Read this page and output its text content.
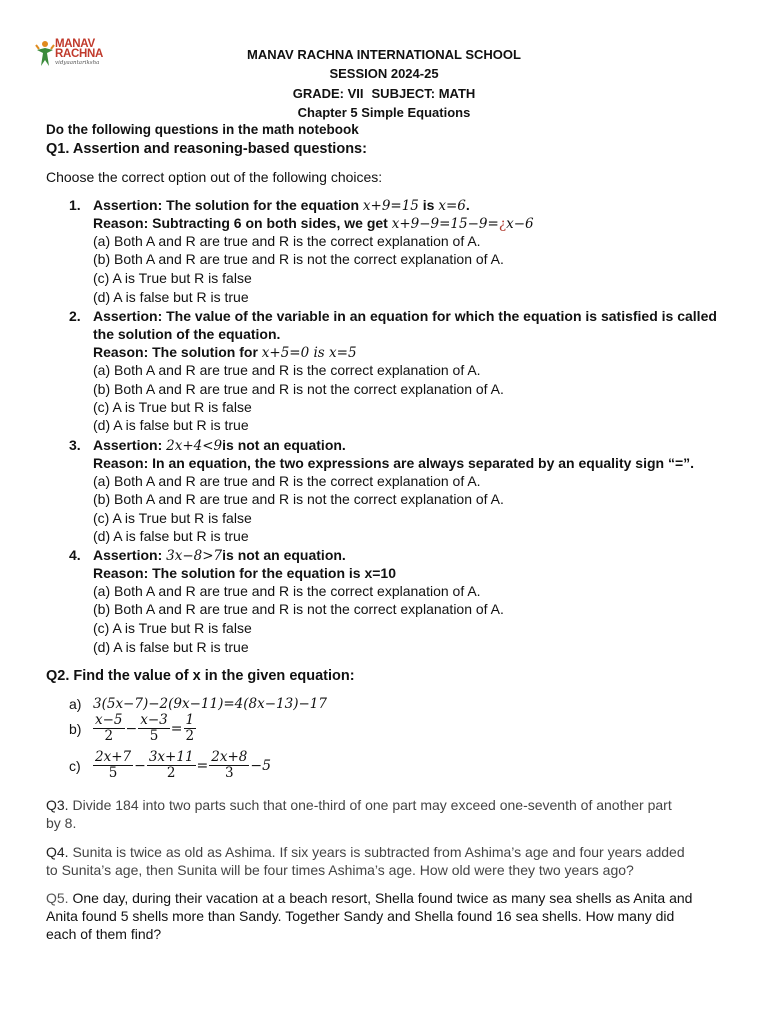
MANAV
RACHNA
vidyaantariksha
MANAV RACHNA INTERNATIONAL SCHOOL
SESSION 2024-25
GRADE: VII SUBJECT: MATH
Chapter 5 Simple Equations
Do the following questions in the math notebook
Q1. Assertion and reasoning-based questions:
Choose the correct option out of the following choices:
1. Assertion: The solution for the equation x+9=15 is x=6.
Reason: Subtracting 6 on both sides, we get x+9−9=15−9=¿x−6
(a) Both A and R are true and R is the correct explanation of A.
(b) Both A and R are true and R is not the correct explanation of A.
(c) A is True but R is false
(d) A is false but R is true
2. Assertion: The value of the variable in an equation for which the equation is satisfied is called
the solution of the equation.
Reason: The solution for x+5=0 is x=5
(a) Both A and R are true and R is the correct explanation of A.
(b) Both A and R are true and R is not the correct explanation of A.
(c) A is True but R is false
(d) A is false but R is true
3. Assertion: 2x+4<9is not an equation.
Reason: In an equation, the two expressions are always separated by an equality sign “=”.
(a) Both A and R are true and R is the correct explanation of A.
(b) Both A and R are true and R is not the correct explanation of A.
(c) A is True but R is false
(d) A is false but R is true
4. Assertion: 3x−8>7is not an equation.
Reason: The solution for the equation is x=10
(a) Both A and R are true and R is the correct explanation of A.
(b) Both A and R are true and R is not the correct explanation of A.
(c) A is True but R is false
(d) A is false but R is true
Q2. Find the value of x in the given equation:
a) 3(5x−7)−2(9x−11)=4(8x−13)−17
$b) \frac{x-5}{2} - \frac{x-3}{5} = \frac{1}{2}$
$c) \frac{2x+7}{5} - \frac{3x+11}{2} = \frac{2x+8}{3} -5$
Q3. Divide 184 into two parts such that one-third of one part may exceed one-seventh of another part
by 8.
Q4. Sunita is twice as old as Ashima. If six years is subtracted from Ashima’s age and four years added
to Sunita’s age, then Sunita will be four times Ashima’s age. How old were they two years ago?
Q5. One day, during their vacation at a beach resort, Shella found twice as many sea shells as Anita and
Anita found 5 shells more than Sandy. Together Sandy and Shella found 16 sea shells. How many did
each of them find?
